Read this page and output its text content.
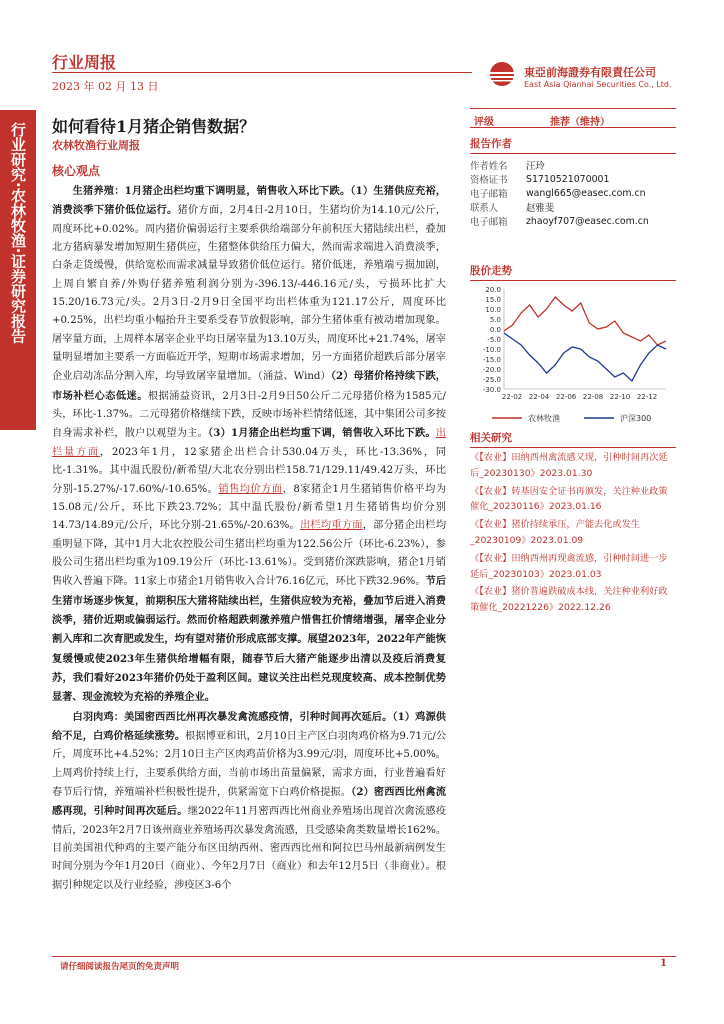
行业周报
2023 年 02 月 13 日
東亞前海證券有限責任公司
East Asia Qianhai Securities Co., Ltd.
行业研究·农林牧渔·证券研究报告	如何看待1月猪企销售数据？
农林牧渔行业周报
核心观点

  生猪养殖：1月猪企出栏均重下调明显，销售收入环比下跌。（1）生猪供应充裕，消费淡季下猪价低位运行。猪价方面，2月4日-2月10日，生猪均价为14.10元/公斤，周度环比+0.02%。周内猪价偏弱运行主要系供给端部分年前积压大猪陆续出栏，叠加北方猪病暴发增加短期生猪供应，生猪整体供给压力偏大，然而需求端进入消费淡季，白条走货缓慢，供给宽松而需求减量导致猪价低位运行。猪价低迷，养殖端亏损加剧，上周自繁自养/外购仔猪养殖利润分别为-396.13/-446.16元/头，亏损环比扩大15.20/16.73元/头。2月3日-2月9日全国平均出栏体重为121.17公斤，周度环比+0.25%，出栏均重小幅抬升主要系受春节放假影响，部分生猪体重有被动增加现象。屠宰量方面，上周样本屠宰企业平均日屠宰量为13.10万头，周度环比+21.74%，屠宰量明显增加主要系一方面临近开学，短期市场需求增加，另一方面猪价超跌后部分屠宰企业启动冻品分割入库，均导致屠宰量增加。（涌益、Wind）（2）母猪价格持续下跌，市场补栏心态低迷。根据涌益资讯，2月3日-2月9日50公斤二元母猪价格为1585元/头，环比-1.37%。二元母猪价格继续下跌，反映市场补栏情绪低迷，其中集团公司多按自身需求补栏，散户以观望为主。（3）1月猪企出栏均重下调，销售收入环比下跌。出栏量方面，2023年1月，12家猪企出栏合计530.04万头，环比-13.36%，同比-1.31%。其中温氏股份/新希望/大北农分别出栏158.71/129.11/49.42万头，环比分别-15.27%/-17.60%/-10.65%。销售均价方面，8家猪企1月生猪销售价格平均为15.08元/公斤，环比下跌23.72%；其中温氏股份/新希望1月生猪销售均价分别14.73/14.89元/公斤，环比分别-21.65%/-20.63%。出栏均重方面，部分猪企出栏均重明显下降，其中1月大北农控股公司生猪出栏均重为122.56公斤（环比-6.23%），参股公司生猪出栏均重为109.19公斤（环比-13.61%）。受到猪价深跌影响，猪企1月销售收入普遍下降。11家上市猪企1月销售收入合计76.16亿元，环比下跌32.96%。节后生猪市场逐步恢复，前期积压大猪将陆续出栏，生猪供应较为充裕，叠加节后进入消费淡季，猪价近期或偏弱运行。然而价格超跌刺激养殖户惜售扛价情绪增强，屠宰企业分割入库和二次育肥或发生，均有望对猪价形成底部支撑。展望2023年，2022年产能恢复缓慢或使2023年生猪供给增幅有限，随春节后大猪产能逐步出清以及疫后消费复苏，我们看好2023年猪价仍处于盈利区间。建议关注出栏兑现度较高、成本控制优势显著、现金流较为充裕的养殖企业。

  白羽肉鸡：美国密西西比州再次暴发禽流感疫情，引种时间再次延后。（1）鸡源供给不足，白鸡价格延续涨势。根据博亚和讯，2月10日主产区白羽肉鸡价格为9.71元/公斤，周度环比+4.52%；2月10日主产区肉鸡苗价格为3.99元/羽，周度环比+5.00%。上周鸡价持续上行，主要系供给方面，当前市场出苗量偏紧，需求方面，行业普遍看好春节后行情，养殖端补栏积极性提升，供紧需宽下白鸡价格提振。（2）密西西比州禽流感再现，引种时间再次延后。继2022年11月密西西比州商业养殖场出现首次禽流感疫情后，2023年2月7日该州商业养殖场再次暴发禽流感，且受感染禽类数量增长162%。目前美国祖代种鸡的主要产能分布区田纳西州、密西西比州和阿拉巴马州最新病例发生时间分别为今年1月20日（商业）、今年2月7日（商业）和去年12月5日（非商业）。根据引种规定以及行业经验，涉疫区3-6个

评级	推荐（维持）
报告作者
作者姓名	汪玲
资格证书	S1710521070001
电子邮箱	wangl665@easec.com.cn
联系人	赵雅斐
电子邮箱	zhaoyf707@easec.com.cn
股价走势
20.0
15.0
10.0
5.0
0.0
-5.0
-10.0
-15.0
-20.0
-25.0
-30.0
22-02 22-04 22-06 22-08 22-10 22-12
农林牧渔	沪深300
相关研究
《【农业】田纳西州禽流感又现，引种时间再次延后_20230130》2023.01.30
《【农业】转基因安全证书再颁发，关注种业政策催化_20230116》2023.01.16
《【农业】猪价持续承压，产能去化或发生_20230109》2023.01.09
《【农业】田纳西州再现禽流感，引种时间进一步延后_20230103》2023.01.03
《【农业】猪价普遍跌破成本线，关注种业利好政策催化_20221226》2022.12.26
请仔细阅读报告尾页的免责声明	1
